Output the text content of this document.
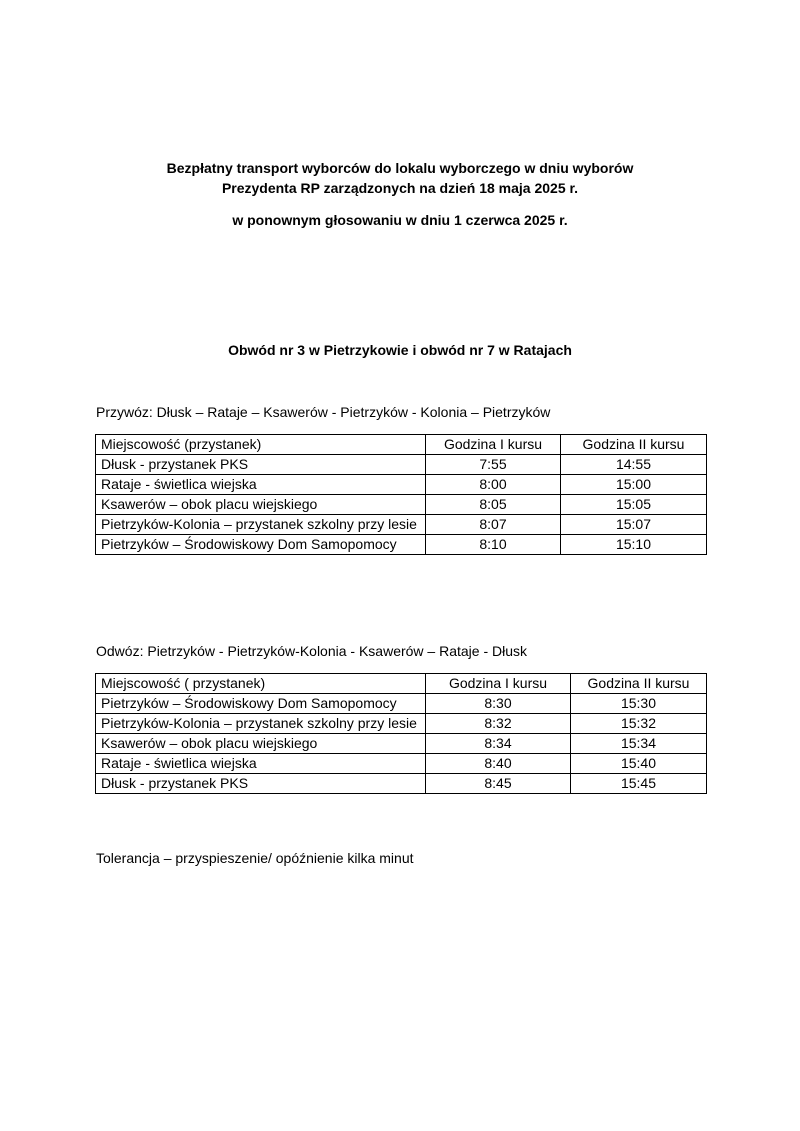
Bezpłatny transport wyborców do lokalu wyborczego w dniu wyborów
Prezydenta RP zarządzonych na dzień 18 maja 2025 r.
w ponownym głosowaniu w dniu 1 czerwca 2025 r.
Obwód nr 3 w Pietrzykowie i obwód nr 7 w Ratajach
Przywóz: Dłusk – Rataje – Ksawerów - Pietrzyków - Kolonia – Pietrzyków
Miejscowość (przystanek)	Godzina I kursu	Godzina II kursu
Dłusk - przystanek PKS	7:55	14:55
Rataje - świetlica wiejska	8:00	15:00
Ksawerów – obok placu wiejskiego	8:05	15:05
Pietrzyków-Kolonia – przystanek szkolny przy lesie	8:07	15:07
Pietrzyków – Środowiskowy Dom Samopomocy	8:10	15:10
Odwóz: Pietrzyków - Pietrzyków-Kolonia - Ksawerów – Rataje - Dłusk
Miejscowość ( przystanek)	Godzina I kursu	Godzina II kursu
Pietrzyków – Środowiskowy Dom Samopomocy	8:30	15:30
Pietrzyków-Kolonia – przystanek szkolny przy lesie	8:32	15:32
Ksawerów – obok placu wiejskiego	8:34	15:34
Rataje - świetlica wiejska	8:40	15:40
Dłusk - przystanek PKS	8:45	15:45
Tolerancja – przyspieszenie/ opóźnienie kilka minut
